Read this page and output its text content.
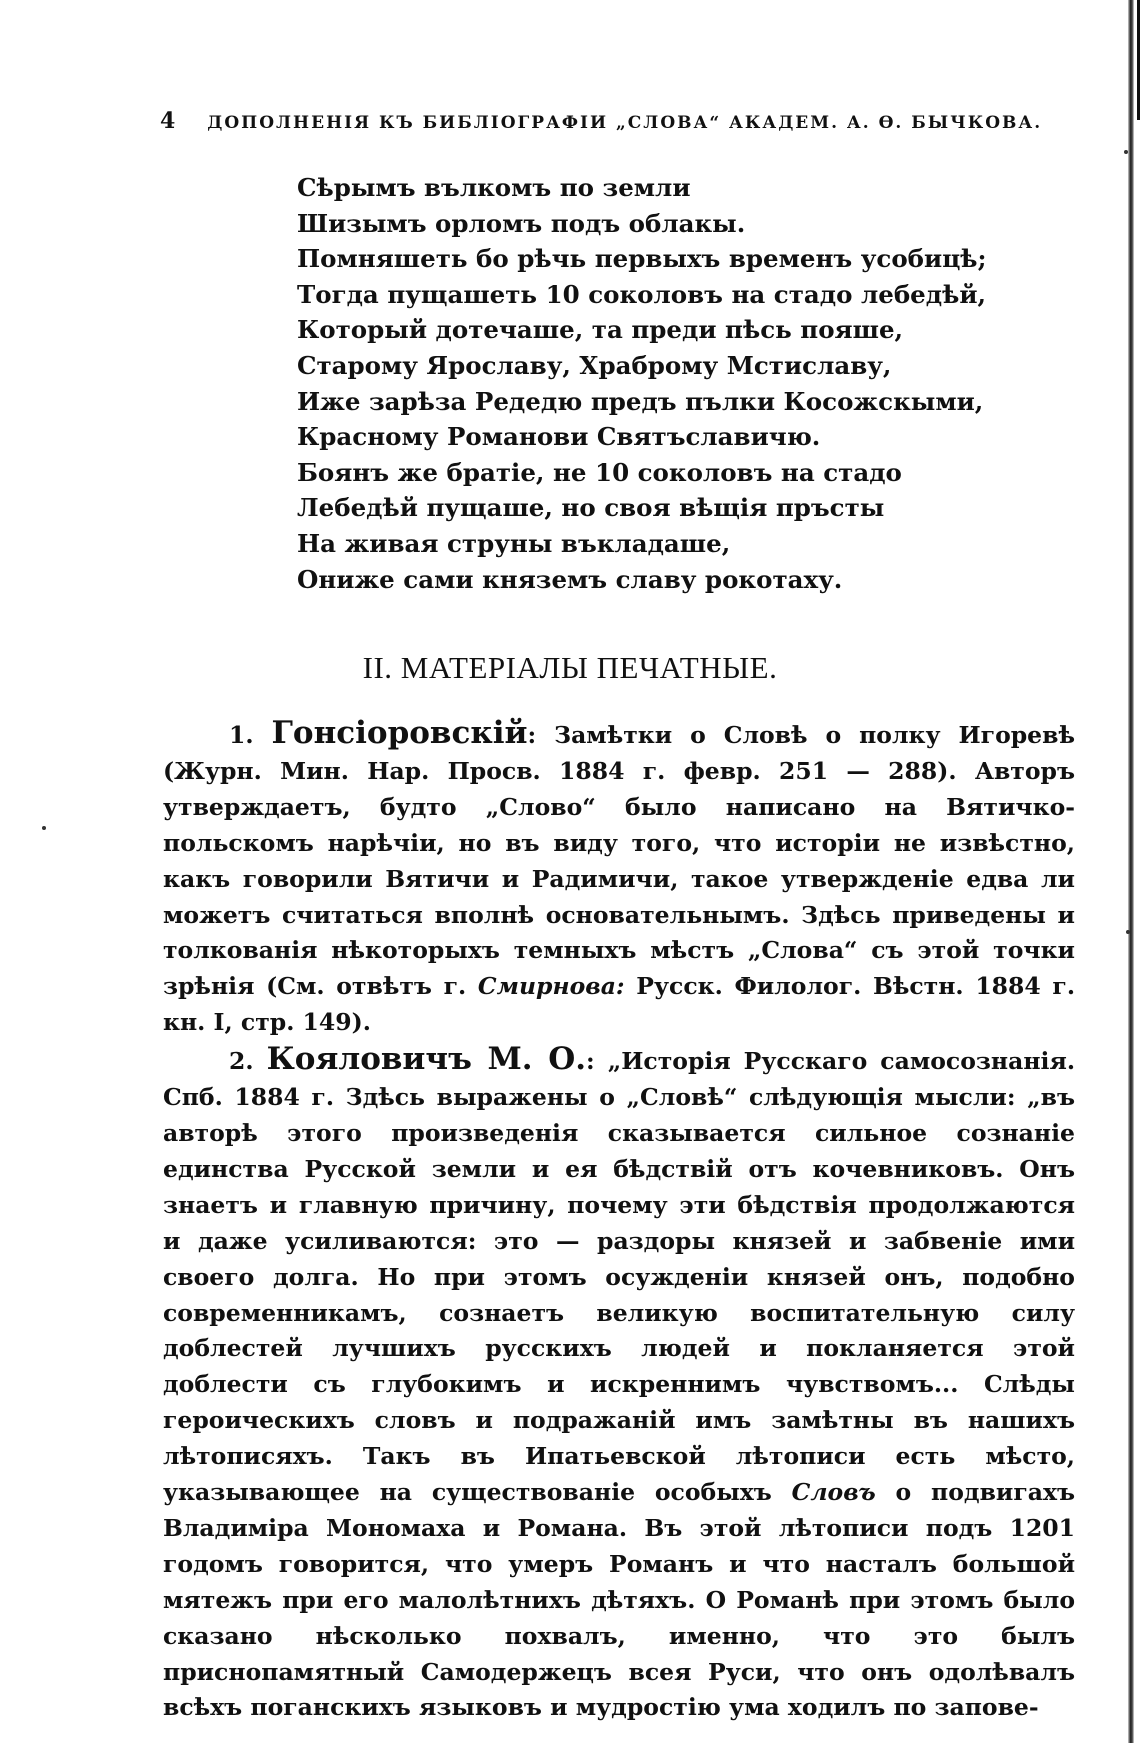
4 ДОПОЛНЕНІЯ КЪ БИБЛІОГРАФІИ „СЛОВА“ АКАДЕМ. А. Ѳ. БЫЧКОВА.
Сѣрымъ вълкомъ по земли
Шизымъ орломъ подъ облакы.
Помняшеть бо рѣчь первыхъ временъ усобицѣ;
Тогда пущашеть 10 соколовъ на стадо лебедѣй,
Который дотечаше, та преди пѣсь пояше,
Старому Ярославу, Храброму Мстиславу,
Иже зарѣза Редедю предъ пълки Косожскыми,
Красному Романови Святъславичю.
Боянъ же братіе, не 10 соколовъ на стадо
Лебедѣй пущаше, но своя вѣщія пръсты
На живая струны въкладаше,
Ониже сами княземъ славу рокотаху.
II. МАТЕРІАЛЫ ПЕЧАТНЫЕ.

1. Гонсіоровскій: Замѣтки о Словѣ о полку Игоревѣ (Журн. Мин. Нар. Просв. 1884 г. февр. 251 — 288). Авторъ утверждаетъ, будто „Слово“ было написано на Вятичко-польскомъ нарѣчіи, но въ виду того, что исторіи не извѣстно, какъ говорили Вятичи и Радимичи, такое утвержденіе едва ли можетъ считаться вполнѣ основательнымъ. Здѣсь приведены и толкованія нѣкоторыхъ темныхъ мѣстъ „Слова“ съ этой точки зрѣнія (См. отвѣтъ г. Смирнова: Русск. Филолог. Вѣстн. 1884 г. кн. I, стр. 149).

2. Кояловичъ М. О.: „Исторія Русскаго самосознанія. Спб. 1884 г. Здѣсь выражены о „Словѣ“ слѣдующія мысли: „въ авторѣ этого произведенія сказывается сильное сознаніе единства Русской земли и ея бѣдствій отъ кочевниковъ. Онъ знаетъ и главную причину, почему эти бѣдствія продолжаются и даже усиливаются: это — раздоры князей и забвеніе ими своего долга. Но при этомъ осужденіи князей онъ, подобно современникамъ, сознаетъ великую воспитательную силу доблестей лучшихъ русскихъ людей и покланяется этой доблести съ глубокимъ и искреннимъ чувствомъ... Слѣды героическихъ словъ и подражаній имъ замѣтны въ нашихъ лѣтописяхъ. Такъ въ Ипатьевской лѣтописи есть мѣсто, указывающее на существованіе особыхъ Словъ о подвигахъ Владиміра Мономаха и Романа. Въ этой лѣтописи подъ 1201 годомъ говорится, что умеръ Романъ и что насталъ большой мятежъ при его малолѣтнихъ дѣтяхъ. О Романѣ при этомъ было сказано нѣсколько похвалъ, именно, что это былъ приснопамятный Самодержецъ всея Руси, что онъ одолѣвалъ всѣхъ поганскихъ языковъ и мудростію ума ходилъ по запове-
